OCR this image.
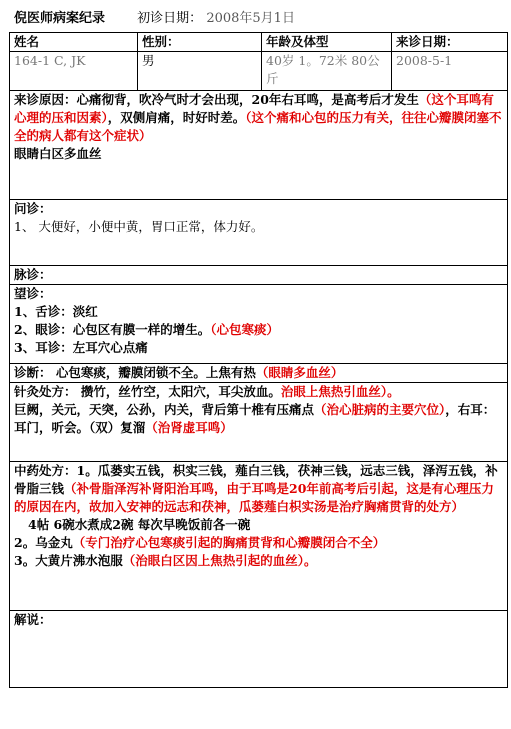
倪医师病案纪录 初诊日期： 2008年5月1日
姓名	性别：	年龄及体型	来诊日期：
164-1 C, JK	男	40岁 1。72米 80公斤	2008-5-1
来诊原因：心痛彻背，吹冷气时才会出现，20年右耳鸣，是高考后才发生（这个耳鸣有心理的压和因素），双侧肩痛，时好时差。（这个痛和心包的压力有关，往往心瓣膜闭塞不全的病人都有这个症状）
眼睛白区多血丝			

问诊：
1、 大便好，小便中黄，胃口正常，体力好。			

脉诊：			

望诊：
1、舌诊：淡红
2、眼诊：心包区有膜一样的增生。（心包寒痰）
3、耳诊：左耳穴心点痛			

诊断： 心包寒痰，瓣膜闭锁不全。上焦有热（眼睛多血丝）			

针灸处方： 攒竹，丝竹空，太阳穴，耳尖放血。治眼上焦热引血丝）。
巨阙，关元，天突，公孙，内关，背后第十椎有压痛点（治心脏病的主要穴位），右耳：耳门，听会。（双）复溜（治肾虚耳鸣）			

中药处方：1。瓜蒌实五钱，枳实三钱，薤白三钱，茯神三钱，远志三钱，泽泻五钱，补骨脂三钱（补骨脂泽泻补肾阳治耳鸣，由于耳鸣是20年前高考后引起，这是有心理压力的原因在内，故加入安神的远志和茯神，瓜蒌薤白枳实汤是治疗胸痛贯背的处方）
4帖 6碗水煮成2碗 每次早晚饭前各一碗
2。乌金丸（专门治疗心包寒痰引起的胸痛贯背和心瓣膜闭合不全）
3。大黄片沸水泡服（治眼白区因上焦热引起的血丝）。			

解说：			
